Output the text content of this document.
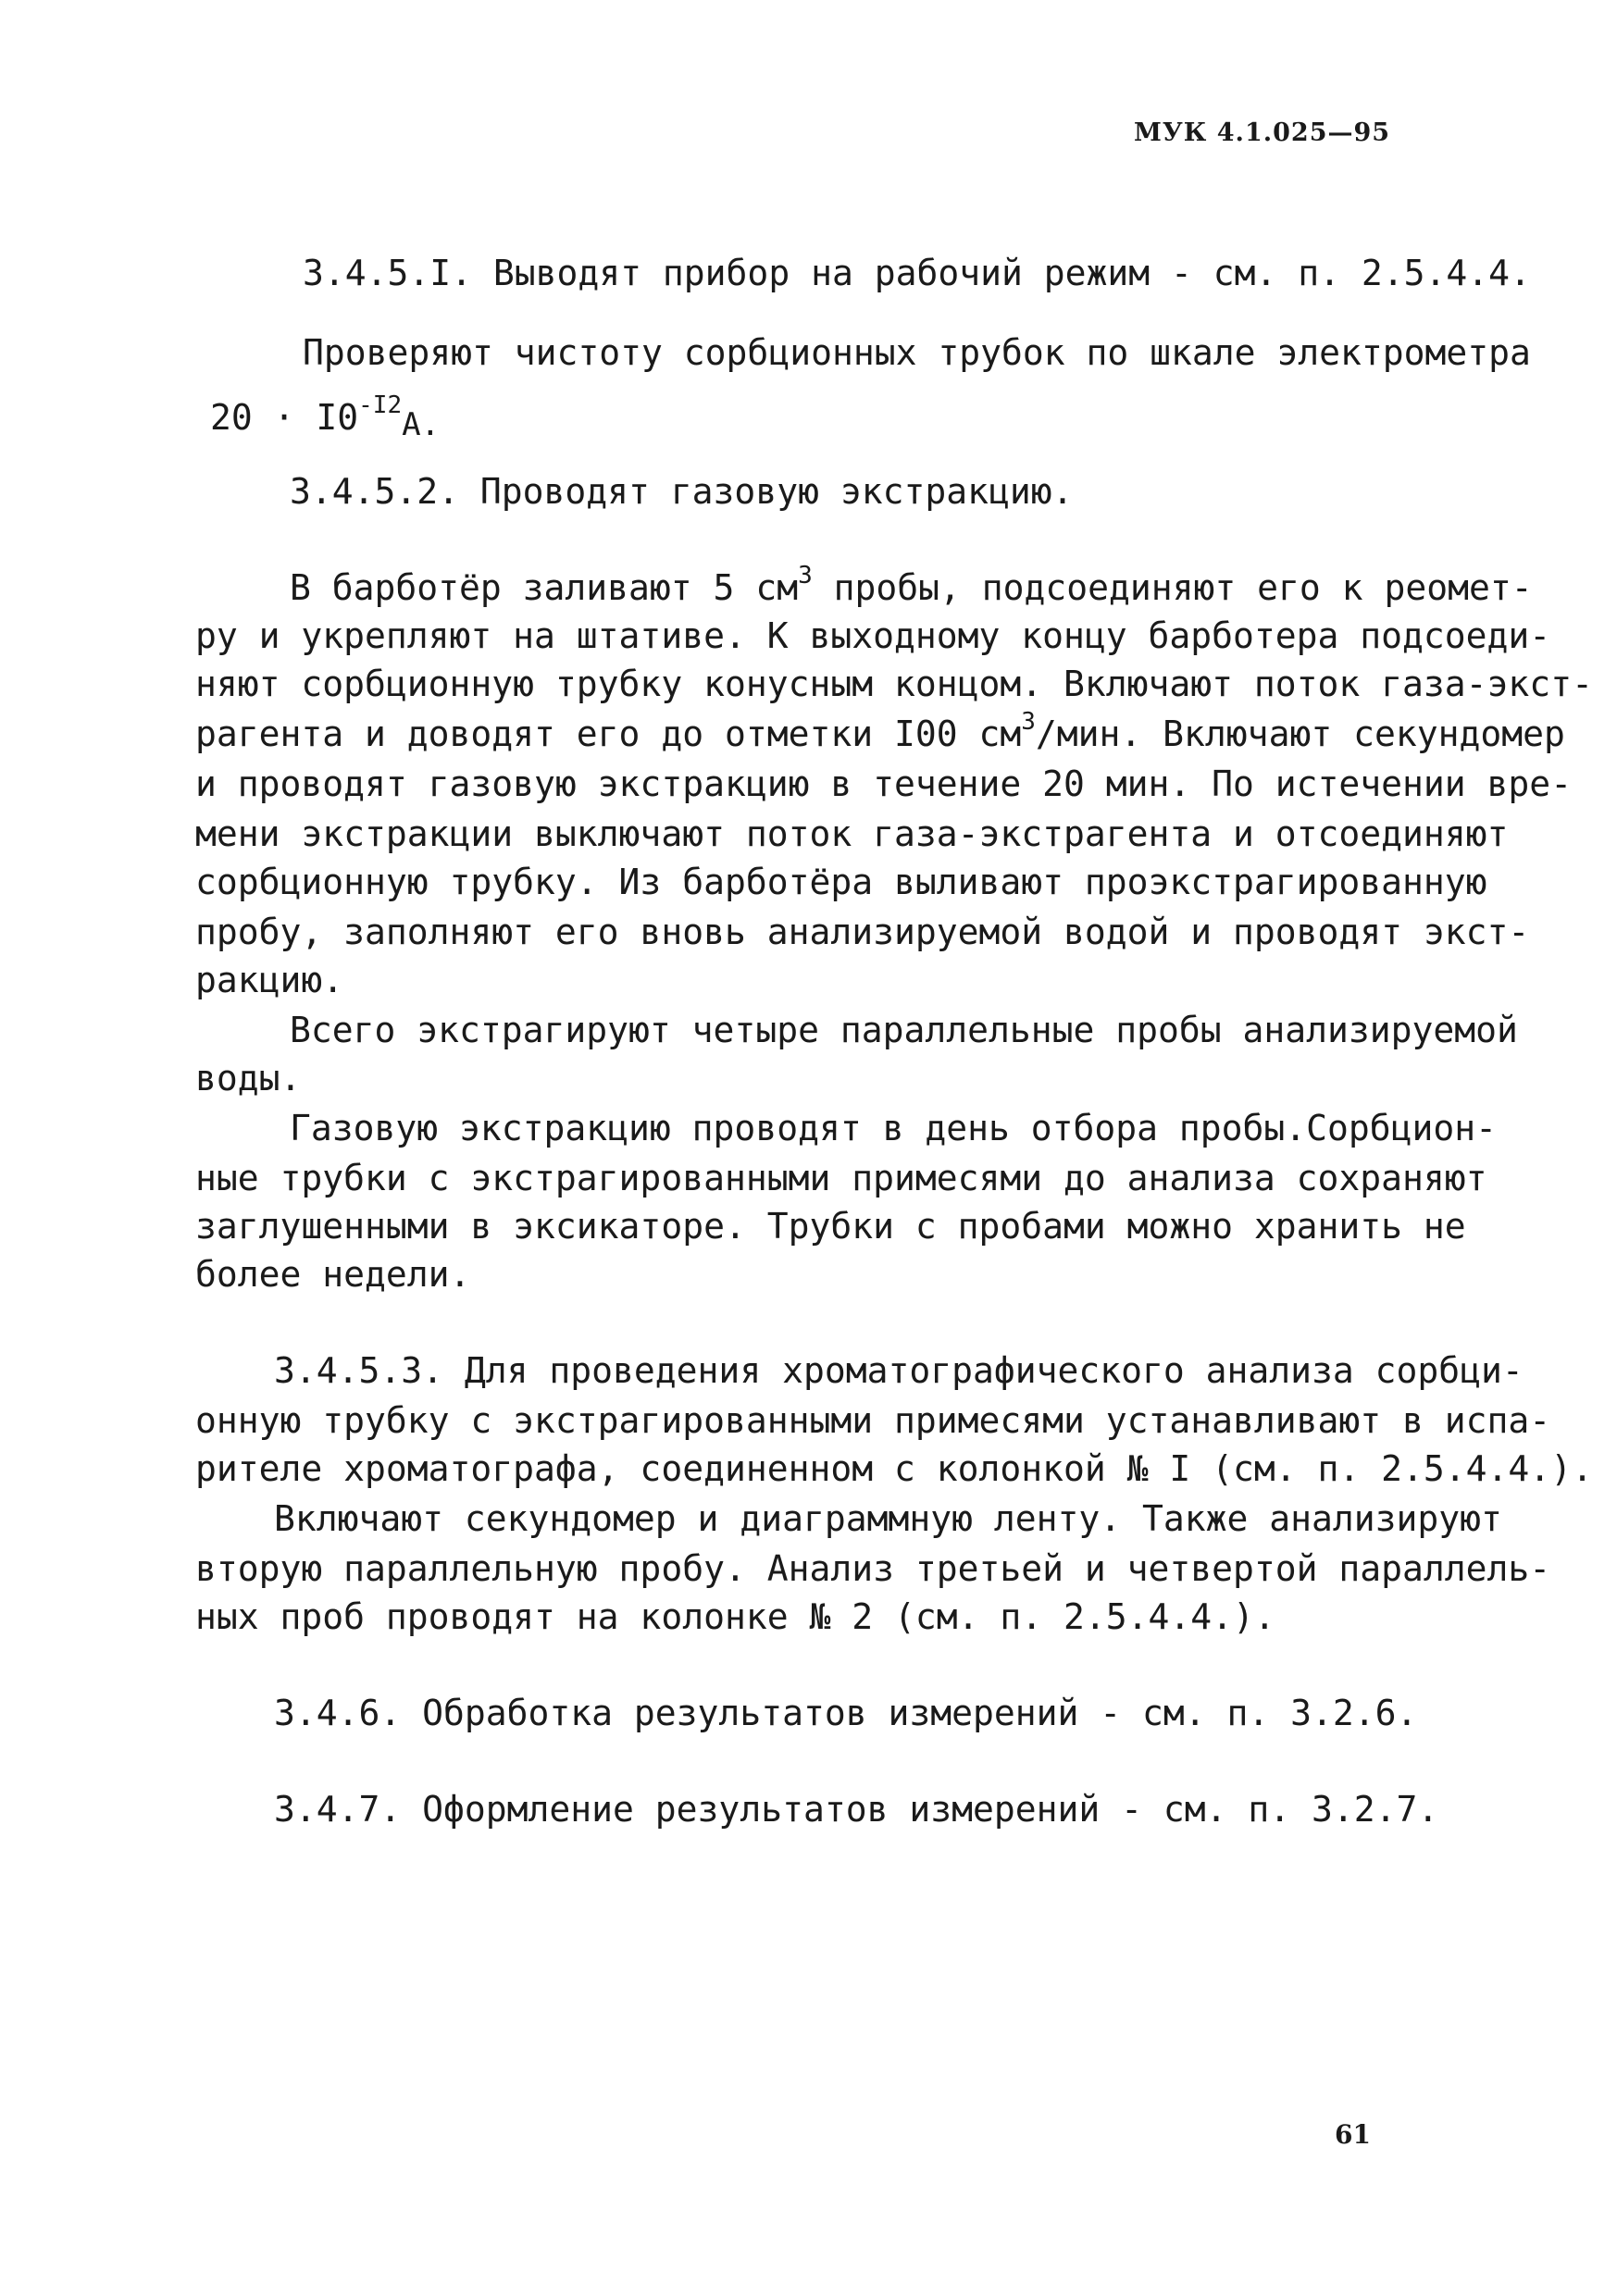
МУК 4.1.025—95
3.4.5.I. Выводят прибор на рабочий режим - см. п. 2.5.4.4.
Проверяют чистоту сорбционных трубок по шкале электрометра
$20 \cdot I0^{-I2}A$.
3.4.5.2. Проводят газовую экстракцию.
В барботёр заливают 5 $см^3$ пробы, подсоединяют его к реомет-
ру и укрепляют на штативе. К выходному концу барботера подсоеди-
няют сорбционную трубку конусным концом. Включают поток газа-экст-
рагента и доводят его до отметки I00 $см^3$/мин. Включают секундомер
и проводят газовую экстракцию в течение 20 мин. По истечении вре-
мени экстракции выключают поток газа-экстрагента и отсоединяют
сорбционную трубку. Из барботёра выливают проэкстрагированную
пробу, заполняют его вновь анализируемой водой и проводят экст-
ракцию.
Всего экстрагируют четыре параллельные пробы анализируемой
воды.
Газовую экстракцию проводят в день отбора пробы.Сорбцион-
ные трубки с экстрагированными примесями до анализа сохраняют
заглушенными в эксикаторе. Трубки с пробами можно хранить не
более недели.
3.4.5.3. Для проведения хроматографического анализа сорбци-
онную трубку с экстрагированными примесями устанавливают в испа-
рителе хроматографа, соединенном с колонкой № I (см. п. 2.5.4.4.).
Включают секундомер и диаграммную ленту. Также анализируют
вторую параллельную пробу. Анализ третьей и четвертой параллель-
ных проб проводят на колонке № 2 (см. п. 2.5.4.4.).
3.4.6. Обработка результатов измерений - см. п. 3.2.6.
3.4.7. Оформление результатов измерений - см. п. 3.2.7.
61
